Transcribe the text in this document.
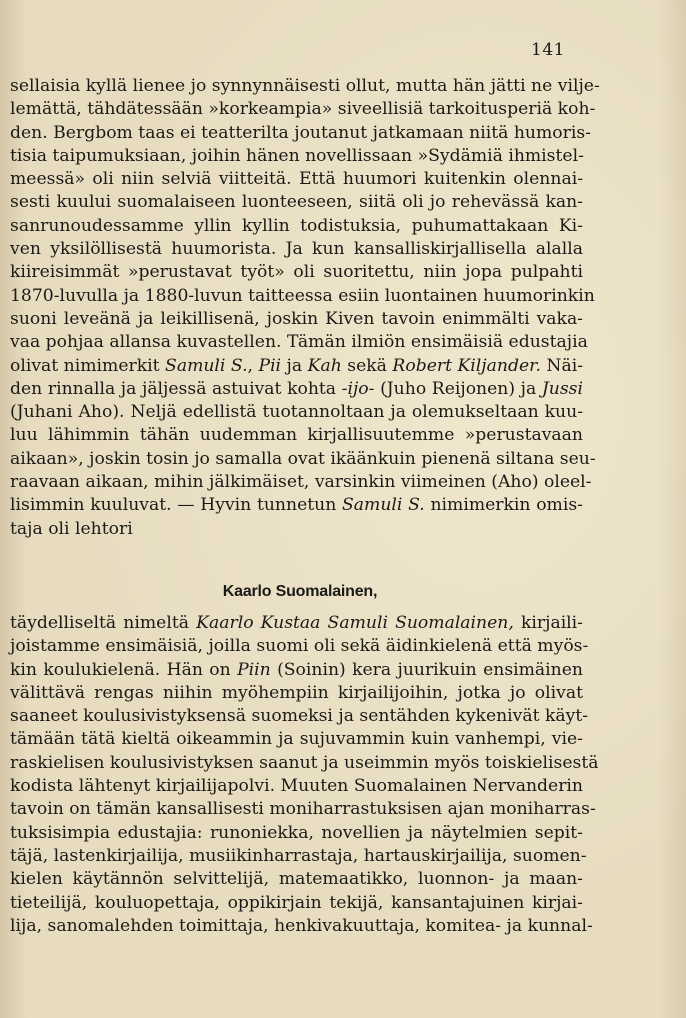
141
sellaisia kyllä lienee jo synnynnäisesti ollut, mutta hän jätti ne vilje-
lemättä, tähdätessään »korkeampia» siveellisiä tarkoitusperiä koh-
den. Bergbom taas ei teatterilta joutanut jatkamaan niitä humoris-
tisia taipumuksiaan, joihin hänen novellissaan »Sydämiä ihmistel-
meessä» oli niin selviä viitteitä. Että huumori kuitenkin olennai-
sesti kuului suomalaiseen luonteeseen, siitä oli jo rehevässä kan-
sanrunoudessamme yllin kyllin todistuksia, puhumattakaan Ki-
ven yksilöllisestä huumorista. Ja kun kansalliskirjallisella alalla
kiireisimmät »perustavat työt» oli suoritettu, niin jopa pulpahti
1870-luvulla ja 1880-luvun taitteessa esiin luontainen huumorinkin
suoni leveänä ja leikillisenä, joskin Kiven tavoin enimmälti vaka-
vaa pohjaa allansa kuvastellen. Tämän ilmiön ensimäisiä edustajia
olivat nimimerkit Samuli S., Pii ja Kah sekä Robert Kiljander. Näi-
den rinnalla ja jäljessä astuivat kohta -ijo- (Juho Reijonen) ja Jussi
(Juhani Aho). Neljä edellistä tuotannoltaan ja olemukseltaan kuu-
luu lähimmin tähän uudemman kirjallisuutemme »perustavaan
aikaan», joskin tosin jo samalla ovat ikäänkuin pienenä siltana seu-
raavaan aikaan, mihin jälkimäiset, varsinkin viimeinen (Aho) oleel-
lisimmin kuuluvat. — Hyvin tunnetun Samuli S. nimimerkin omis-
taja oli lehtori
Kaarlo Suomalainen,
täydelliseltä nimeltä Kaarlo Kustaa Samuli Suomalainen, kirjaili-
joistamme ensimäisiä, joilla suomi oli sekä äidinkielenä että myös-
kin koulukielenä. Hän on Piin (Soinin) kera juurikuin ensimäinen
välittävä rengas niihin myöhempiin kirjailijoihin, jotka jo olivat
saaneet koulusivistyksensä suomeksi ja sentähden kykenivät käyt-
tämään tätä kieltä oikeammin ja sujuvammin kuin vanhempi, vie-
raskielisen koulusivistyksen saanut ja useimmin myös toiskielisestä
kodista lähtenyt kirjailijapolvi. Muuten Suomalainen Nervanderin
tavoin on tämän kansallisesti moniharrastuksisen ajan moniharras-
tuksisimpia edustajia: runoniekka, novellien ja näytelmien sepit-
täjä, lastenkirjailija, musiikinharrastaja, hartauskirjailija, suomen-
kielen käytännön selvittelijä, matemaatikko, luonnon- ja maan-
tieteilijä, kouluopettaja, oppikirjain tekijä, kansantajuinen kirjai-
lija, sanomalehden toimittaja, henkivakuuttaja, komitea- ja kunnal-
